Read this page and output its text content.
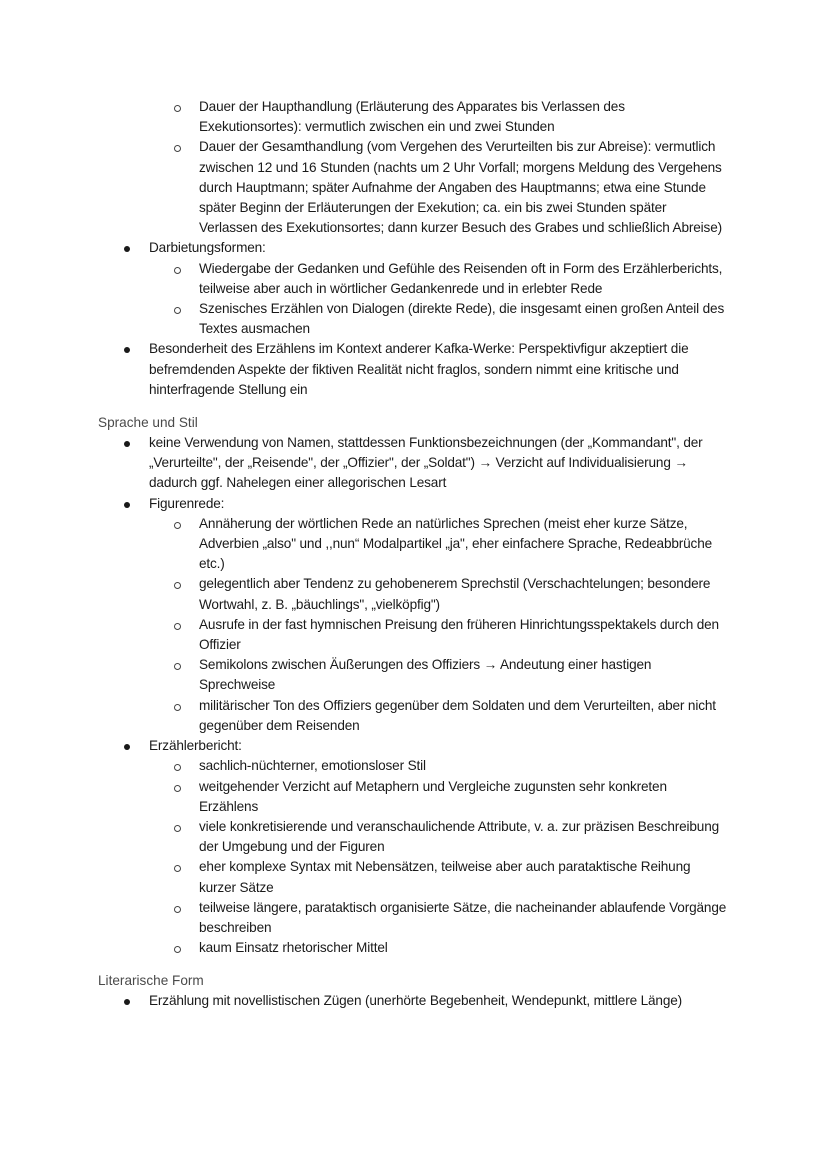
Dauer der Haupthandlung (Erläuterung des Apparates bis Verlassen des Exekutionsortes): vermutlich zwischen ein und zwei Stunden
Dauer der Gesamthandlung (vom Vergehen des Verurteilten bis zur Abreise): vermutlich zwischen 12 und 16 Stunden (nachts um 2 Uhr Vorfall; morgens Meldung des Vergehens durch Hauptmann; später Aufnahme der Angaben des Hauptmanns; etwa eine Stunde später Beginn der Erläuterungen der Exekution; ca. ein bis zwei Stunden später Verlassen des Exekutionsortes; dann kurzer Besuch des Grabes und schließlich Abreise)
Darbietungsformen:
Wiedergabe der Gedanken und Gefühle des Reisenden oft in Form des Erzählerberichts, teilweise aber auch in wörtlicher Gedankenrede und in erlebter Rede
Szenisches Erzählen von Dialogen (direkte Rede), die insgesamt einen großen Anteil des Textes ausmachen
Besonderheit des Erzählens im Kontext anderer Kafka-Werke: Perspektivfigur akzeptiert die befremdenden Aspekte der fiktiven Realität nicht fraglos, sondern nimmt eine kritische und hinterfragende Stellung ein
Sprache und Stil
keine Verwendung von Namen, stattdessen Funktionsbezeichnungen (der „Kommandant", der „Verurteilte", der „Reisende", der „Offizier", der „Soldat") → Verzicht auf Individualisierung → dadurch ggf. Nahelegen einer allegorischen Lesart
Figurenrede:
Annäherung der wörtlichen Rede an natürliches Sprechen (meist eher kurze Sätze, Adverbien „also" und ,,nun“ Modalpartikel „ja", eher einfachere Sprache, Redeabbrüche etc.)
gelegentlich aber Tendenz zu gehobenerem Sprechstil (Verschachtelungen; besondere Wortwahl, z. B. „bäuchlings", „vielköpfig")
Ausrufe in der fast hymnischen Preisung den früheren Hinrichtungsspektakels durch den Offizier
Semikolons zwischen Äußerungen des Offiziers → Andeutung einer hastigen Sprechweise
militärischer Ton des Offiziers gegenüber dem Soldaten und dem Verurteilten, aber nicht gegenüber dem Reisenden
Erzählerbericht:
sachlich-nüchterner, emotionsloser Stil
weitgehender Verzicht auf Metaphern und Vergleiche zugunsten sehr konkreten Erzählens
viele konkretisierende und veranschaulichende Attribute, v. a. zur präzisen Beschreibung der Umgebung und der Figuren
eher komplexe Syntax mit Nebensätzen, teilweise aber auch parataktische Reihung kurzer Sätze
teilweise längere, parataktisch organisierte Sätze, die nacheinander ablaufende Vorgänge beschreiben
kaum Einsatz rhetorischer Mittel
Literarische Form
Erzählung mit novellistischen Zügen (unerhörte Begebenheit, Wendepunkt, mittlere Länge)
